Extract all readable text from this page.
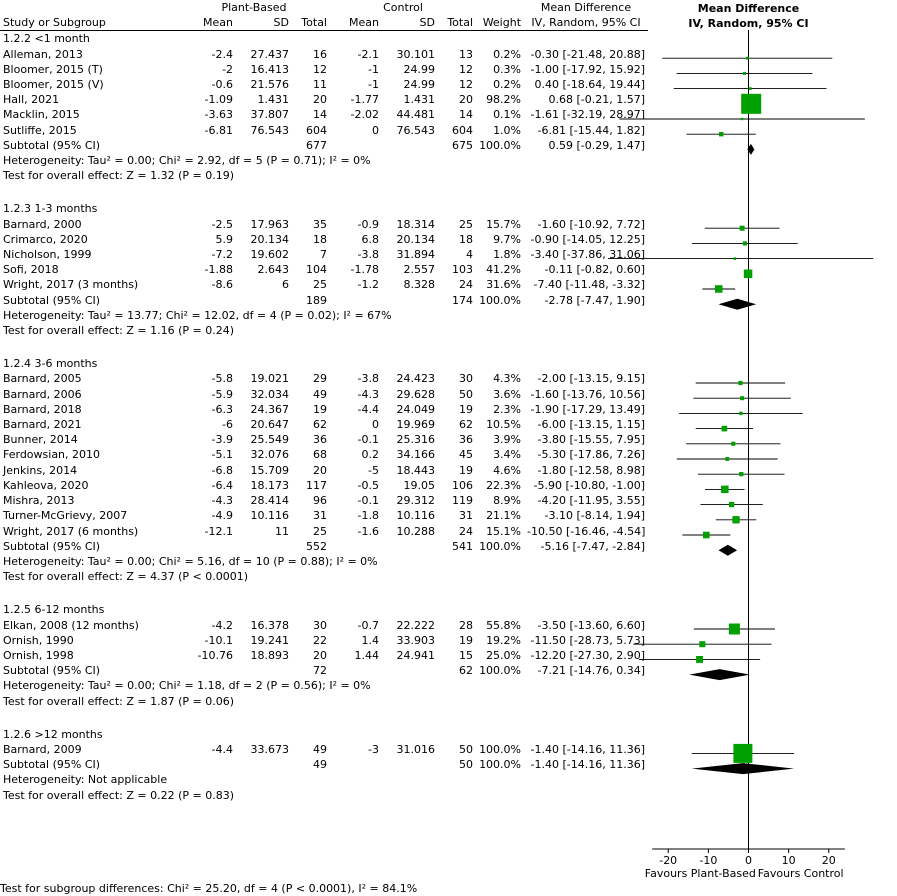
	Plant-Based			Control				Mean Difference
Study or Subgroup	Mean	SD	Total	Mean	SD	Total	Weight	IV, Random, 95% CI
1.2.2 <1 month								
Alleman, 2013	-2.4	27.437	16	-2.1	30.101	13	0.2%	-0.30 [-21.48, 20.88]
Bloomer, 2015 (T)	-2	16.413	12	-1	24.99	12	0.3%	-1.00 [-17.92, 15.92]
Bloomer, 2015 (V)	-0.6	21.576	11	-1	24.99	12	0.2%	0.40 [-18.64, 19.44]
Hall, 2021	-1.09	1.431	20	-1.77	1.431	20	98.2%	0.68 [-0.21, 1.57]
Macklin, 2015	-3.63	37.807	14	-2.02	44.481	14	0.1%	-1.61 [-32.19, 28.97]
Sutliffe, 2015	-6.81	76.543	604	0	76.543	604	1.0%	-6.81 [-15.44, 1.82]
Subtotal (95% CI)			677			675	100.0%	0.59 [-0.29, 1.47]
Heterogeneity: Tau² = 0.00; Chi² = 2.92, df = 5 (P = 0.71); I² = 0%								
Test for overall effect: Z = 1.32 (P = 0.19)								

1.2.3 1-3 months								
Barnard, 2000	-2.5	17.963	35	-0.9	18.314	25	15.7%	-1.60 [-10.92, 7.72]
Crimarco, 2020	5.9	20.134	18	6.8	20.134	18	9.7%	-0.90 [-14.05, 12.25]
Nicholson, 1999	-7.2	19.602	7	-3.8	31.894	4	1.8%	-3.40 [-37.86, 31.06]
Sofi, 2018	-1.88	2.643	104	-1.78	2.557	103	41.2%	-0.11 [-0.82, 0.60]
Wright, 2017 (3 months)	-8.6	6	25	-1.2	8.328	24	31.6%	-7.40 [-11.48, -3.32]
Subtotal (95% CI)			189			174	100.0%	-2.78 [-7.47, 1.90]
Heterogeneity: Tau² = 13.77; Chi² = 12.02, df = 4 (P = 0.02); I² = 67%								
Test for overall effect: Z = 1.16 (P = 0.24)								

1.2.4 3-6 months								
Barnard, 2005	-5.8	19.021	29	-3.8	24.423	30	4.3%	-2.00 [-13.15, 9.15]
Barnard, 2006	-5.9	32.034	49	-4.3	29.628	50	3.6%	-1.60 [-13.76, 10.56]
Barnard, 2018	-6.3	24.367	19	-4.4	24.049	19	2.3%	-1.90 [-17.29, 13.49]
Barnard, 2021	-6	20.647	62	0	19.969	62	10.5%	-6.00 [-13.15, 1.15]
Bunner, 2014	-3.9	25.549	36	-0.1	25.316	36	3.9%	-3.80 [-15.55, 7.95]
Ferdowsian, 2010	-5.1	32.076	68	0.2	34.166	45	3.4%	-5.30 [-17.86, 7.26]
Jenkins, 2014	-6.8	15.709	20	-5	18.443	19	4.6%	-1.80 [-12.58, 8.98]
Kahleova, 2020	-6.4	18.173	117	-0.5	19.05	106	22.3%	-5.90 [-10.80, -1.00]
Mishra, 2013	-4.3	28.414	96	-0.1	29.312	119	8.9%	-4.20 [-11.95, 3.55]
Turner-McGrievy, 2007	-4.9	10.116	31	-1.8	10.116	31	21.1%	-3.10 [-8.14, 1.94]
Wright, 2017 (6 months)	-12.1	11	25	-1.6	10.288	24	15.1%	-10.50 [-16.46, -4.54]
Subtotal (95% CI)			552			541	100.0%	-5.16 [-7.47, -2.84]
Heterogeneity: Tau² = 0.00; Chi² = 5.16, df = 10 (P = 0.88); I² = 0%								
Test for overall effect: Z = 4.37 (P < 0.0001)								

1.2.5 6-12 months								
Elkan, 2008 (12 months)	-4.2	16.378	30	-0.7	22.222	28	55.8%	-3.50 [-13.60, 6.60]
Ornish, 1990	-10.1	19.241	22	1.4	33.903	19	19.2%	-11.50 [-28.73, 5.73]
Ornish, 1998	-10.76	18.893	20	1.44	24.941	15	25.0%	-12.20 [-27.30, 2.90]
Subtotal (95% CI)			72			62	100.0%	-7.21 [-14.76, 0.34]
Heterogeneity: Tau² = 0.00; Chi² = 1.18, df = 2 (P = 0.56); I² = 0%								
Test for overall effect: Z = 1.87 (P = 0.06)								

1.2.6 >12 months								
Barnard, 2009	-4.4	33.673	49	-3	31.016	50	100.0%	-1.40 [-14.16, 11.36]
Subtotal (95% CI)			49			50	100.0%	-1.40 [-14.16, 11.36]
Heterogeneity: Not applicable								
Test for overall effect: Z = 0.22 (P = 0.83)								
Mean Difference
IV, Random, 95% CI
-20 -10	0	10 20
Favours Plant-Based Favours Control
Test for subgroup differences: Chi² = 25.20, df = 4 (P < 0.0001), I² = 84.1%
